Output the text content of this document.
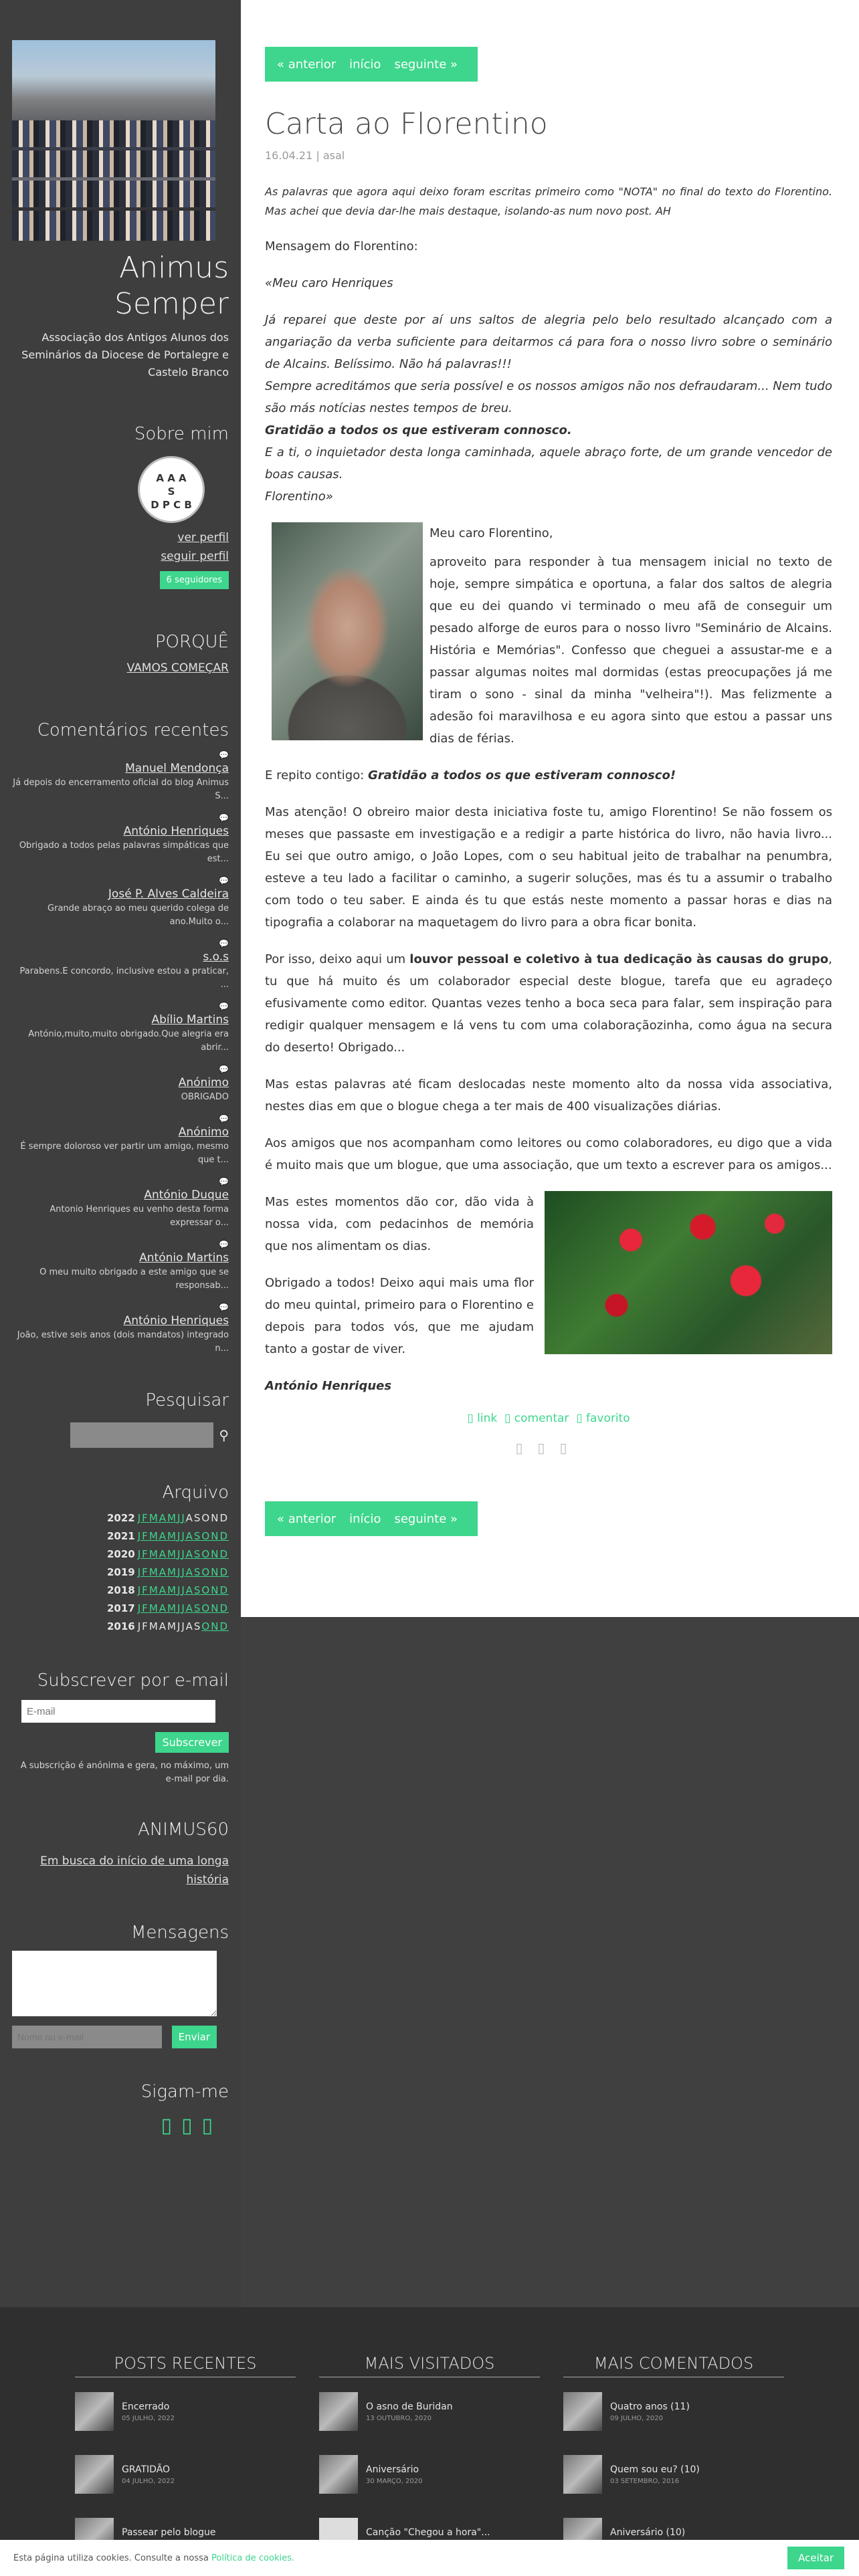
Animus Semper
Associação dos Antigos Alunos dos Seminários da Diocese de Portalegre e Castelo Branco
Sobre mim
A A A
S
D P C B
ver perfil
seguir perfil
6 seguidores
PORQUÊ
VAMOS COMEÇAR
Comentários recentes
💬
Manuel Mendonça
Já depois do encerramento oficial do blog Animus S...
💬
António Henriques
Obrigado a todos pelas palavras simpáticas que est...
💬
José P. Alves Caldeira
Grande abraço ao meu querido colega de ano.Muito o...
💬
s.o.s
Parabens.E concordo, inclusive estou a praticar, ...
💬
Abílio Martins
António,muito,muito obrigado.Que alegria era abrir...
💬
Anónimo
OBRIGADO
💬
Anónimo
É sempre doloroso ver partir um amigo, mesmo que t...
💬
António Duque
Antonio Henriques eu venho desta forma expressar o...
💬
António Martins
O meu muito obrigado a este amigo que se responsab...
💬
António Henriques
João, estive seis anos (dois mandatos) integrado n...
Pesquisar
⚲
Arquivo
2022 JFMAMJJASOND
2021 JFMAMJJASOND
2020 JFMAMJJASOND
2019 JFMAMJJASOND
2018 JFMAMJJASOND
2017 JFMAMJJASOND
2016 JFMAMJJASOND
Subscrever por e-mail
E-mail
Subscrever
A subscrição é anónima e gera, no máximo, um e-mail por dia.
ANIMUS60
Em busca do início de uma longa história
Mensagens
Nome ou e-mail
Enviar
Sigam-me
▯▯▯
« anterior início seguinte »
Carta ao Florentino
16.04.21 | asal

As palavras que agora aqui deixo foram escritas primeiro como "NOTA" no final do texto do Florentino. Mas achei que devia dar-lhe mais destaque, isolando-as num novo post. AH

Mensagem do Florentino:

«Meu caro Henriques

Já reparei que deste por aí uns saltos de alegria pelo belo resultado alcançado com a angariação da verba suficiente para deitarmos cá para fora o nosso livro sobre o seminário de Alcains. Belíssimo. Não há palavras!!!
Sempre acreditámos que seria possível e os nossos amigos não nos defraudaram... Nem tudo são más notícias nestes tempos de breu.
Gratidão a todos os que estiveram connosco.
E a ti, o inquietador desta longa caminhada, aquele abraço forte, de um grande vencedor de boas causas.

Florentino»

Meu caro Florentino,

aproveito para responder à tua mensagem inicial no texto de hoje, sempre simpática e oportuna, a falar dos saltos de alegria que eu dei quando vi terminado o meu afã de conseguir um pesado alforge de euros para o nosso livro "Seminário de Alcains. História e Memórias". Confesso que cheguei a assustar-me e a passar algumas noites mal dormidas (estas preocupações já me tiram o sono - sinal da minha "velheira"!). Mas felizmente a adesão foi maravilhosa e eu agora sinto que estou a passar uns dias de férias.

E repito contigo: Gratidão a todos os que estiveram connosco!

Mas atenção! O obreiro maior desta iniciativa foste tu, amigo Florentino! Se não fossem os meses que passaste em investigação e a redigir a parte histórica do livro, não havia livro... Eu sei que outro amigo, o João Lopes, com o seu habitual jeito de trabalhar na penumbra, esteve a teu lado a facilitar o caminho, a sugerir soluções, mas és tu a assumir o trabalho com todo o teu saber. E ainda és tu que estás neste momento a passar horas e dias na tipografia a colaborar na maquetagem do livro para a obra ficar bonita.

Por isso, deixo aqui um louvor pessoal e coletivo à tua dedicação às causas do grupo, tu que há muito és um colaborador especial deste blogue, tarefa que eu agradeço efusivamente como editor. Quantas vezes tenho a boca seca para falar, sem inspiração para redigir qualquer mensagem e lá vens tu com uma colaboraçãozinha, como água na secura do deserto! Obrigado...

Mas estas palavras até ficam deslocadas neste momento alto da nossa vida associativa, nestes dias em que o blogue chega a ter mais de 400 visualizações diárias.

Aos amigos que nos acompanham como leitores ou como colaboradores, eu digo que a vida é muito mais que um blogue, que uma associação, que um texto a escrever para os amigos...

Mas estes momentos dão cor, dão vida à nossa vida, com pedacinhos de memória que nos alimentam os dias.

Obrigado a todos! Deixo aqui mais uma flor do meu quintal, primeiro para o Florentino e depois para todos vós, que me ajudam tanto a gostar de viver.

António Henriques

▯ link ▯ comentar ▯ favorito
▯▯▯
« anterior início seguinte »
POSTS RECENTES
Encerrado
05 JULHO, 2022
GRATIDÃO
04 JULHO, 2022
Passear pelo blogue
MAIS VISITADOS
O asno de Buridan
13 OUTUBRO, 2020
Aniversário
30 MARÇO, 2020
Canção "Chegou a hora"...
MAIS COMENTADOS
Quatro anos (11)
09 JULHO, 2020
Quem sou eu? (10)
03 SETEMBRO, 2016
Aniversário (10)
Esta página utiliza cookies. Consulte a nossa Política de cookies.	Aceitar
